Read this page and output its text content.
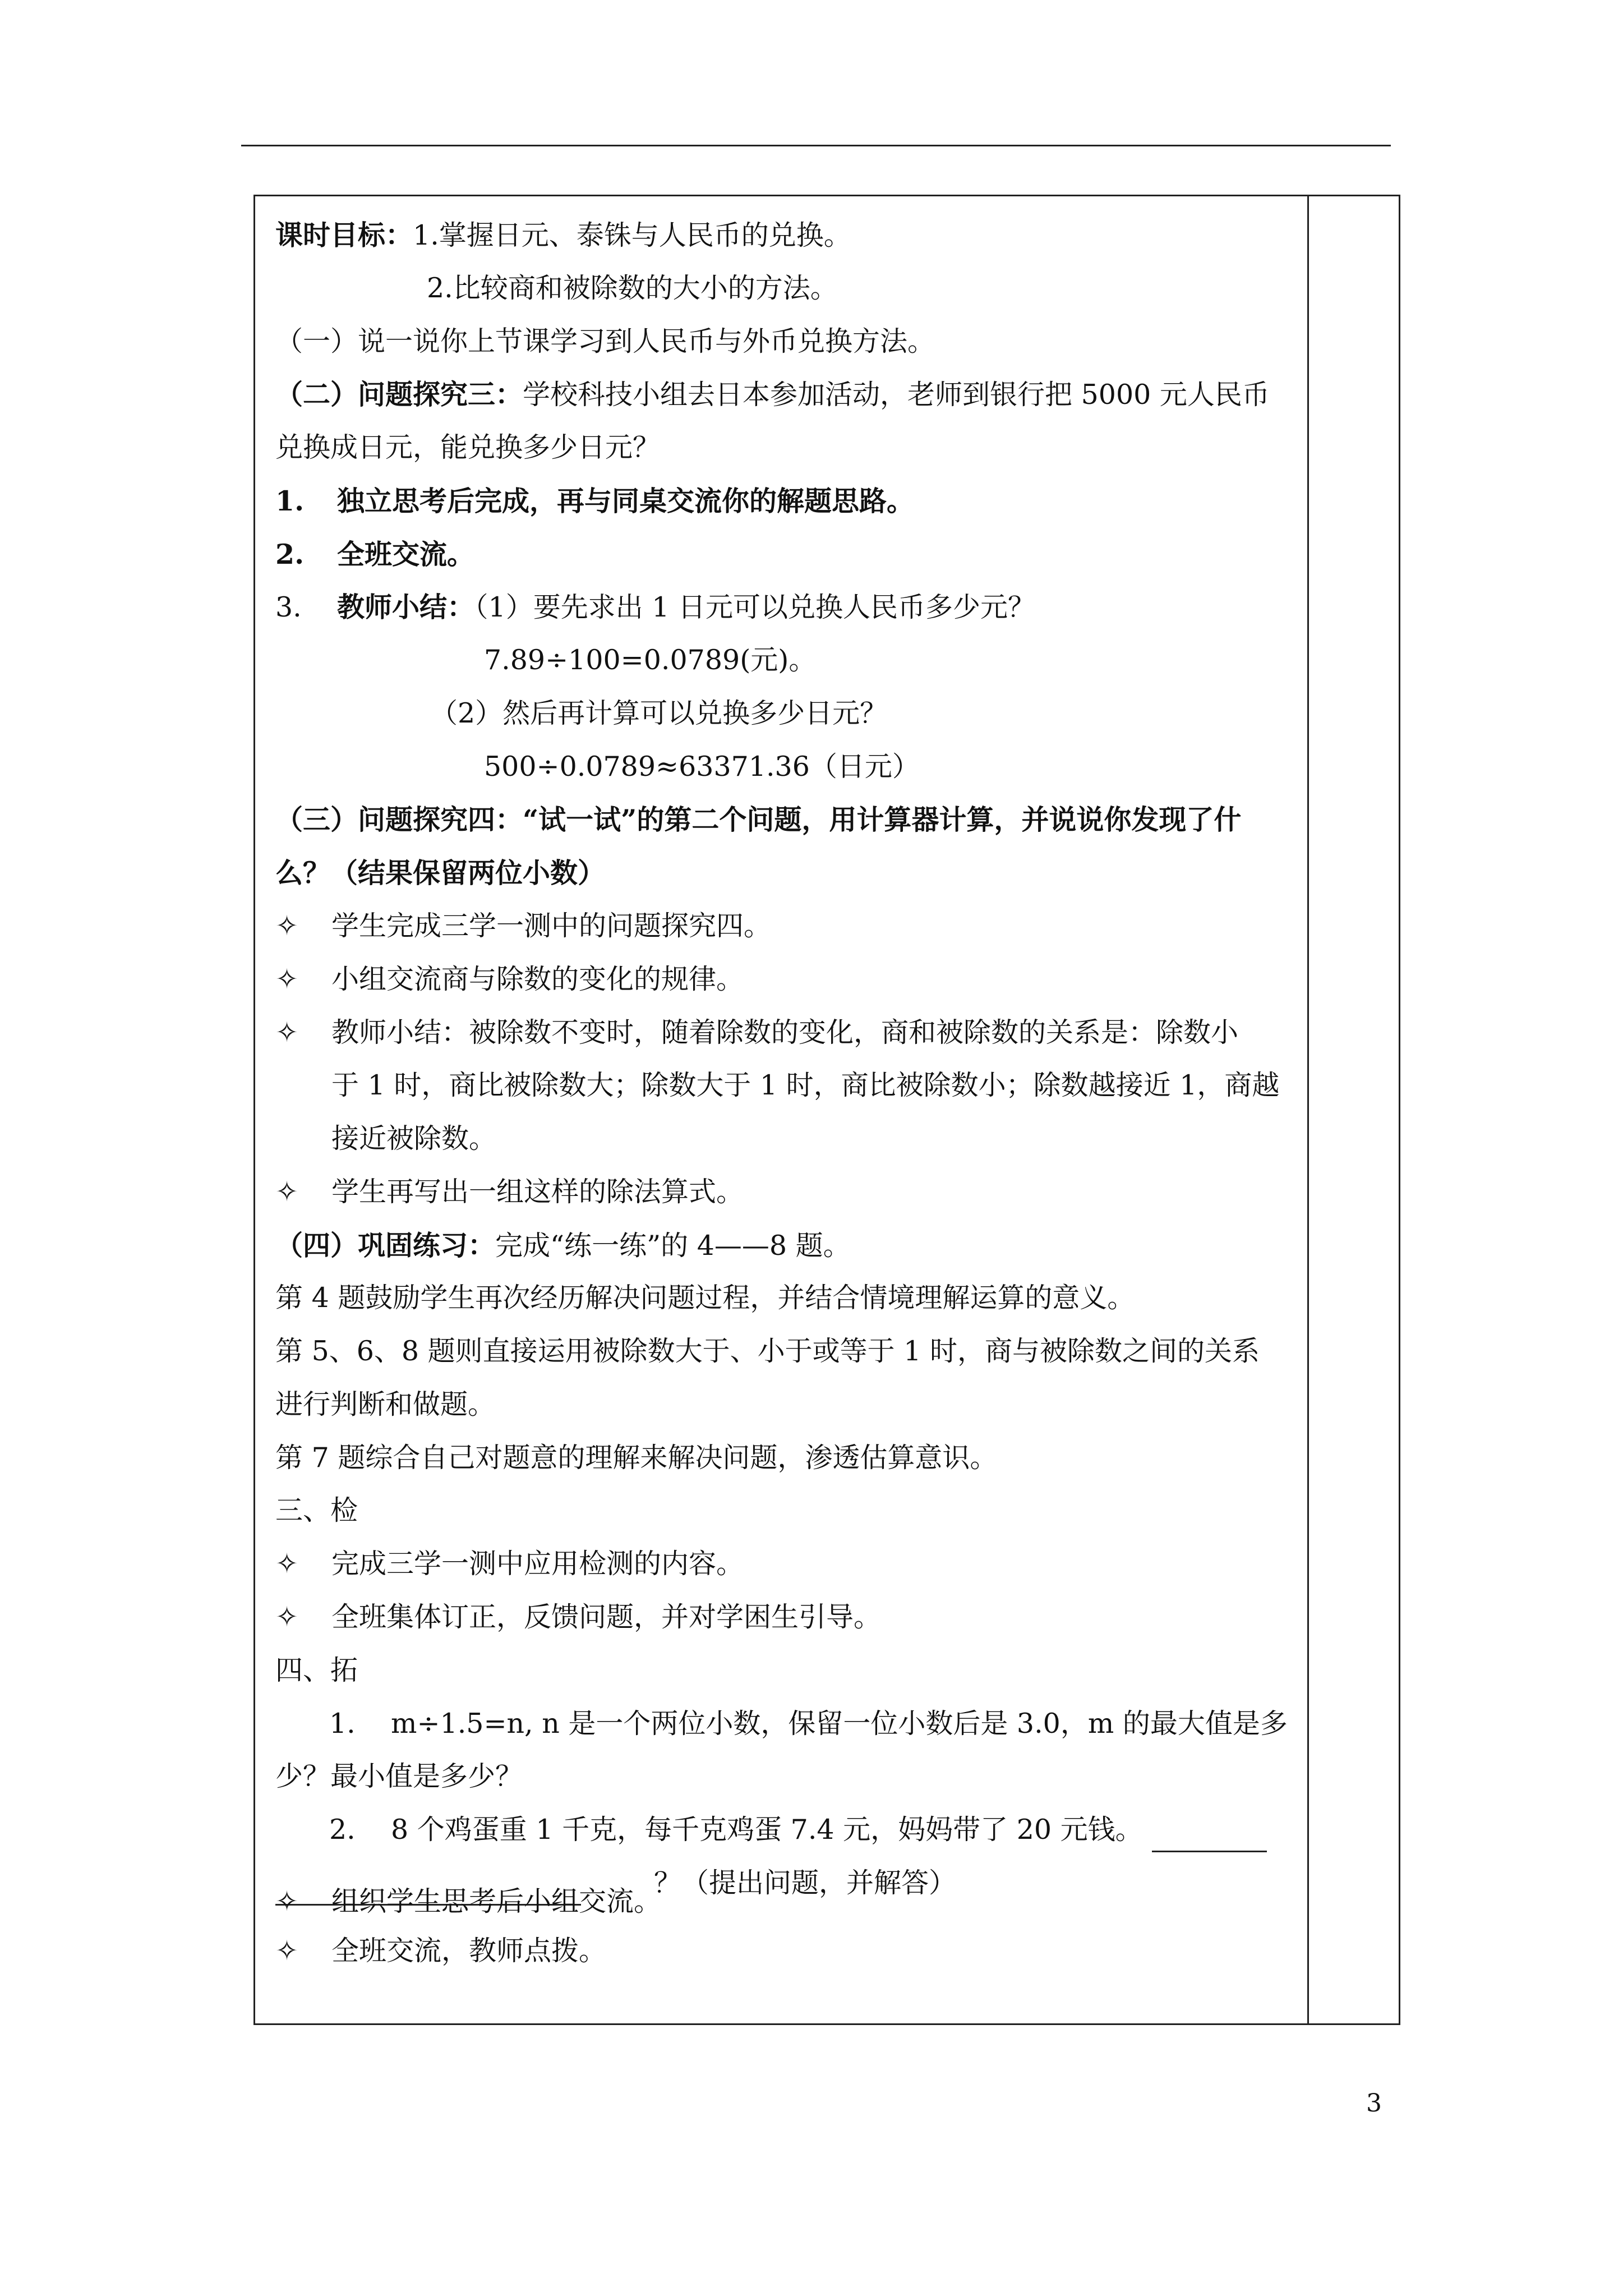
课时目标：1.掌握日元、泰铢与人民币的兑换。
2.比较商和被除数的大小的方法。
（一）说一说你上节课学习到人民币与外币兑换方法。
（二）问题探究三：学校科技小组去日本参加活动，老师到银行把 5000 元人民币
兑换成日元，能兑换多少日元？
1. 独立思考后完成，再与同桌交流你的解题思路。
2. 全班交流。
3. 教师小结：（1）要先求出 1 日元可以兑换人民币多少元？
7.89÷100=0.0789(元)。
（2）然后再计算可以兑换多少日元？
500÷0.0789≈63371.36（日元）
（三）问题探究四：“试一试”的第二个问题，用计算器计算，并说说你发现了什
么？（结果保留两位小数）
✧ 学生完成三学一测中的问题探究四。
✧ 小组交流商与除数的变化的规律。
✧ 教师小结：被除数不变时，随着除数的变化，商和被除数的关系是：除数小
于 1 时，商比被除数大；除数大于 1 时，商比被除数小；除数越接近 1，商越
接近被除数。
✧ 学生再写出一组这样的除法算式。
（四）巩固练习：完成“练一练”的 4——8 题。
第 4 题鼓励学生再次经历解决问题过程，并结合情境理解运算的意义。
第 5、6、8 题则直接运用被除数大于、小于或等于 1 时，商与被除数之间的关系
进行判断和做题。
第 7 题综合自己对题意的理解来解决问题，渗透估算意识。
三、检
✧ 完成三学一测中应用检测的内容。
✧ 全班集体订正，反馈问题，并对学困生引导。
四、拓
1. m÷1.5=n, n 是一个两位小数，保留一位小数后是 3.0，m 的最大值是多
少？最小值是多少？
2. 8 个鸡蛋重 1 千克，每千克鸡蛋 7.4 元，妈妈带了 20 元钱。
？（提出问题，并解答）
✧ 组织学生思考后小组交流。
✧ 全班交流，教师点拨。
3
